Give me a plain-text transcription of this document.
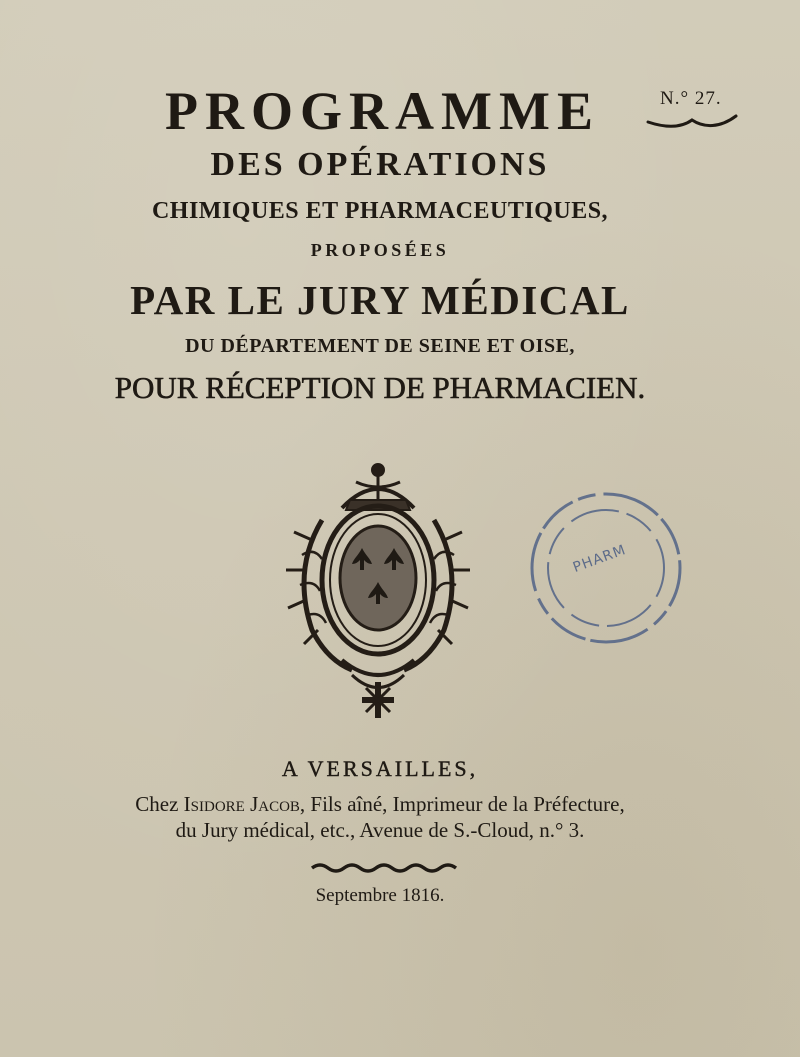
PROGRAMME	N.° 27.
DES OPÉRATIONS
CHIMIQUES ET PHARMACEUTIQUES,
PROPOSÉES
PAR LE JURY MÉDICAL
DU DÉPARTEMENT DE SEINE ET OISE,
POUR RÉCEPTION DE PHARMACIEN.
PHARM
A VERSAILLES,
Chez Isidore Jacob, Fils aîné, Imprimeur de la Préfecture,
du Jury médical, etc., Avenue de S.-Cloud, n.° 3.
Septembre 1816.
